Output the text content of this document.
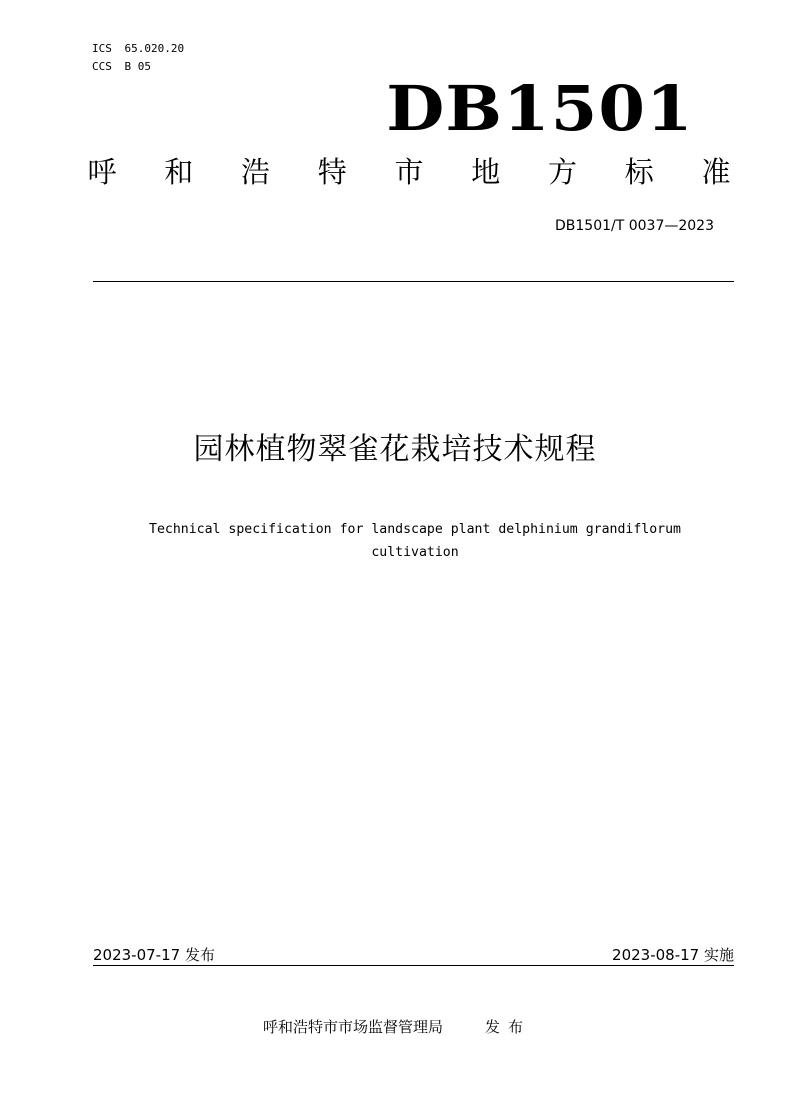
ICS 65.020.20
CCS B 05
DB1501
呼 和 浩 特 市 地 方 标 准
DB1501/T 0037—2023
园林植物翠雀花栽培技术规程
Technical specification for landscape plant delphinium grandiflorum
cultivation
2023-07-17 发布	2023-08-17 实施
呼和浩特市市场监督管理局	发 布
